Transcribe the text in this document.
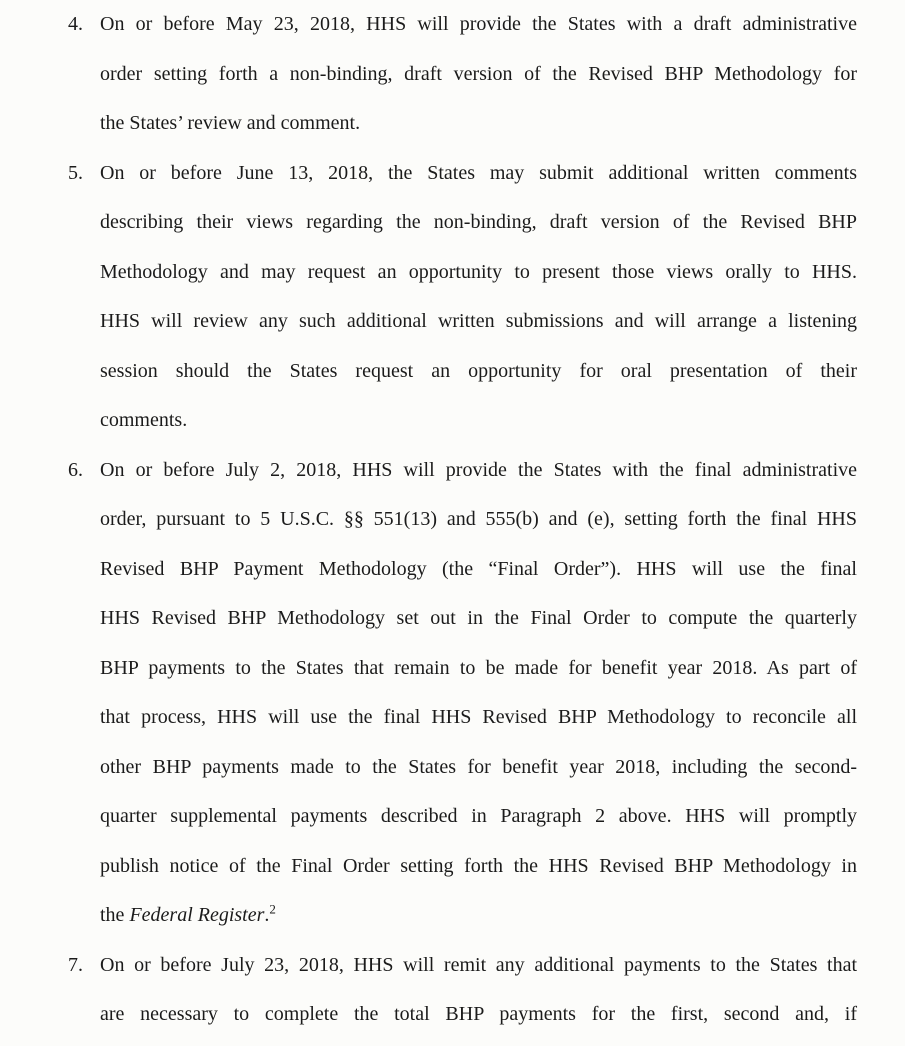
4. On or before May 23, 2018, HHS will provide the States with a draft administrative
order setting forth a non-binding, draft version of the Revised BHP Methodology for
the States’ review and comment.
5. On or before June 13, 2018, the States may submit additional written comments
describing their views regarding the non-binding, draft version of the Revised BHP
Methodology and may request an opportunity to present those views orally to HHS.
HHS will review any such additional written submissions and will arrange a listening
session should the States request an opportunity for oral presentation of their
comments.
6. On or before July 2, 2018, HHS will provide the States with the final administrative
order, pursuant to 5 U.S.C. §§ 551(13) and 555(b) and (e), setting forth the final HHS
Revised BHP Payment Methodology (the “Final Order”). HHS will use the final
HHS Revised BHP Methodology set out in the Final Order to compute the quarterly
BHP payments to the States that remain to be made for benefit year 2018. As part of
that process, HHS will use the final HHS Revised BHP Methodology to reconcile all
other BHP payments made to the States for benefit year 2018, including the second-
quarter supplemental payments described in Paragraph 2 above. HHS will promptly
publish notice of the Final Order setting forth the HHS Revised BHP Methodology in
the Federal Register.$^2$
7. On or before July 23, 2018, HHS will remit any additional payments to the States that
are necessary to complete the total BHP payments for the first, second and, if
